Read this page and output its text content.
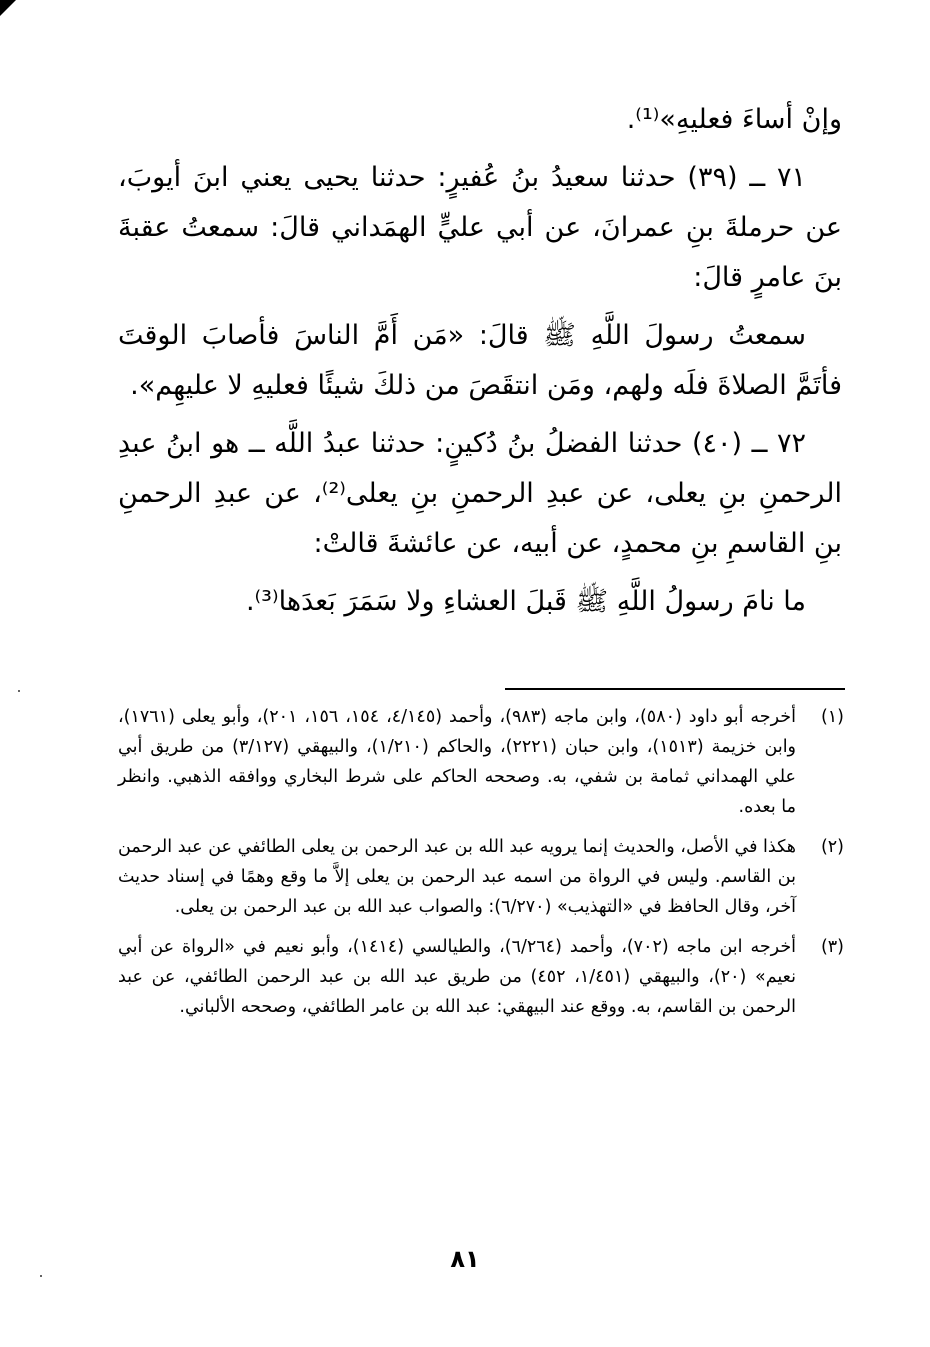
وإنْ أساءَ فعليهِ»⁽¹⁾.

٧١ ــ (٣٩) حدثنا سعيدُ بنُ عُفيرٍ: حدثنا يحيى يعني ابنَ أيوبَ، عن حرملةَ بنِ عمرانَ، عن أبي عليٍّ الهمَداني قالَ: سمعتُ عقبةَ بنَ عامرٍ قالَ:

سمعتُ رسولَ اللَّهِ ﷺ قالَ: «مَن أَمَّ الناسَ فأصابَ الوقتَ فأتَمَّ الصلاةَ فلَه ولهم، ومَن انتقَصَ من ذلكَ شيئًا فعليهِ لا عليهِم».

٧٢ ــ (٤٠) حدثنا الفضلُ بنُ دُكينٍ: حدثنا عبدُ اللَّه ــ هو ابنُ عبدِ الرحمنِ بنِ يعلى، عن عبدِ الرحمنِ بنِ يعلى⁽²⁾، عن عبدِ الرحمنِ بنِ القاسمِ بنِ محمدٍ، عن أبيه، عن عائشةَ قالتْ:

ما نامَ رسولُ اللَّهِ ﷺ قَبلَ العشاءِ ولا سَمَرَ بَعدَها⁽³⁾.

(١)
أخرجه أبو داود (٥٨٠)، وابن ماجه (٩٨٣)، وأحمد (٤/١٤٥، ١٥٤، ١٥٦، ٢٠١)، وأبو يعلى (١٧٦١)، وابن خزيمة (١٥١٣)، وابن حبان (٢٢٢١)، والحاكم (١/٢١٠)، والبيهقي (٣/١٢٧) من طريق أبي علي الهمداني ثمامة بن شفي، به. وصححه الحاكم على شرط البخاري ووافقه الذهبي. وانظر ما بعده.
(٢)
هكذا في الأصل، والحديث إنما يرويه عبد الله بن عبد الرحمن بن يعلى الطائفي عن عبد الرحمن بن القاسم. وليس في الرواة من اسمه عبد الرحمن بن يعلى إلاَّ ما وقع وهمًا في إسناد حديث آخر، وقال الحافظ في «التهذيب» (٦/٢٧٠): والصواب عبد الله بن عبد الرحمن بن يعلى.
(٣)
أخرجه ابن ماجه (٧٠٢)، وأحمد (٦/٢٦٤)، والطيالسي (١٤١٤)، وأبو نعيم في «الرواة عن أبي نعيم» (٢٠)، والبيهقي (١/٤٥١، ٤٥٢) من طريق عبد الله بن عبد الرحمن الطائفي، عن عبد الرحمن بن القاسم، به. ووقع عند البيهقي: عبد الله بن عامر الطائفي، وصححه الألباني.
٨١
